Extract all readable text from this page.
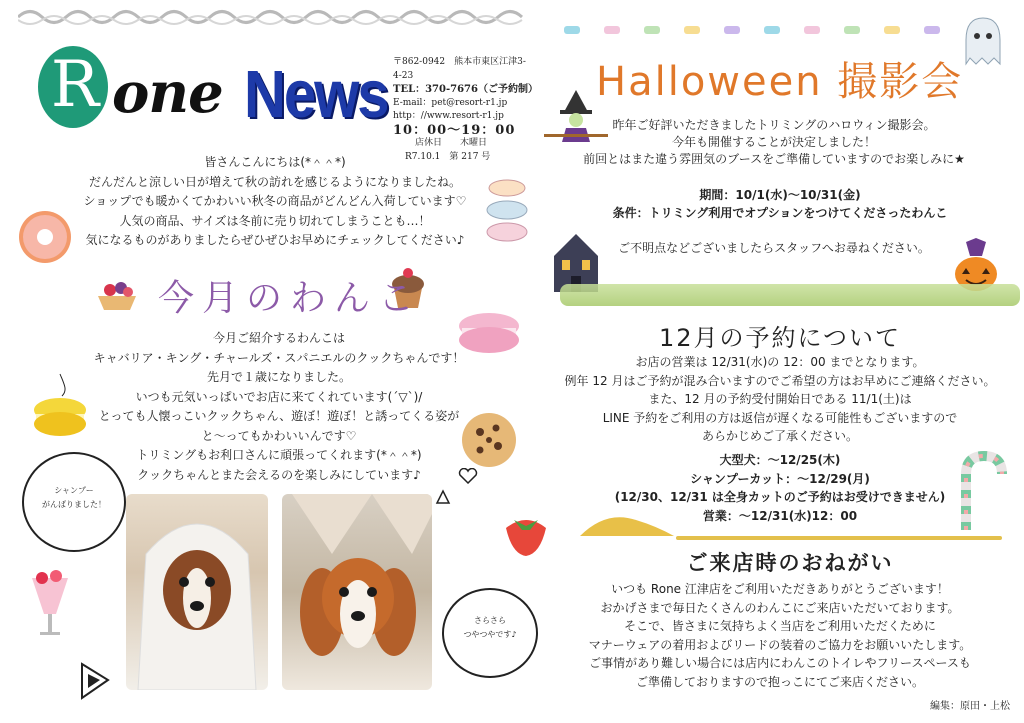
R one News 〒862-0942　熊本市東区江津3-4-23
TEL：370-7676（ご予約制）
E-mail：pet@resort-r1.jp
http：//www.resort-r1.jp
10：00～19：00
店休日　　木曜日
R7.10.1　第 217 号
皆さんこんにちは(*＾＾*)
だんだんと涼しい日が増えて秋の訪れを感じるようになりましたね。
ショップでも暖かくてかわいい秋冬の商品がどんどん入荷しています♡
人気の商品、サイズは冬前に売り切れてしまうことも…！
気になるものがありましたらぜひぜひお早めにチェックしてください♪
今月のわんこ
今月ご紹介するわんこは
キャバリア・キング・チャールズ・スパニエルのクックちゃんです！
先月で１歳になりました。
いつも元気いっぱいでお店に来てくれています(´▽`)/
とっても人懐っこいクックちゃん、遊ぼ！遊ぼ！と誘ってくる姿が
と～ってもかわいいんです♡
トリミングもお利口さんに頑張ってくれます(*＾＾*)
クックちゃんとまた会えるのを楽しみにしています♪
シャンプー
がんばりました！
さらさら
つやつやです♪
Halloween 撮影会
昨年ご好評いただきましたトリミングのハロウィン撮影会。
今年も開催することが決定しました！
前回とはまた違う雰囲気のブースをご準備していますのでお楽しみに★
期間：10/1(水)～10/31(金)
条件：トリミング利用でオプションをつけてくださったわんこ
ご不明点などございましたらスタッフへお尋ねください。
12月の予約について
お店の営業は 12/31(水)の 12：00 までとなります。
例年 12 月はご予約が混み合いますのでご希望の方はお早めにご連絡ください。
また、12 月の予約受付開始日である 11/1(土)は
LINE 予約をご利用の方は返信が遅くなる可能性もございますので
あらかじめご了承ください。
大型犬：～12/25(木)
シャンプーカット：～12/29(月)
(12/30、12/31 は全身カットのご予約はお受けできません)
営業：～12/31(水)12：00
ご来店時のおねがい
いつも Rone 江津店をご利用いただきありがとうございます！
おかげさまで毎日たくさんのわんこにご来店いただいております。
そこで、皆さまに気持ちよく当店をご利用いただくために
マナーウェアの着用およびリードの装着のご協力をお願いいたします。
ご事情があり難しい場合には店内にわんこのトイレやフリースペースも
ご準備しておりますので抱っこにてご来店ください。
編集：原田・上松
